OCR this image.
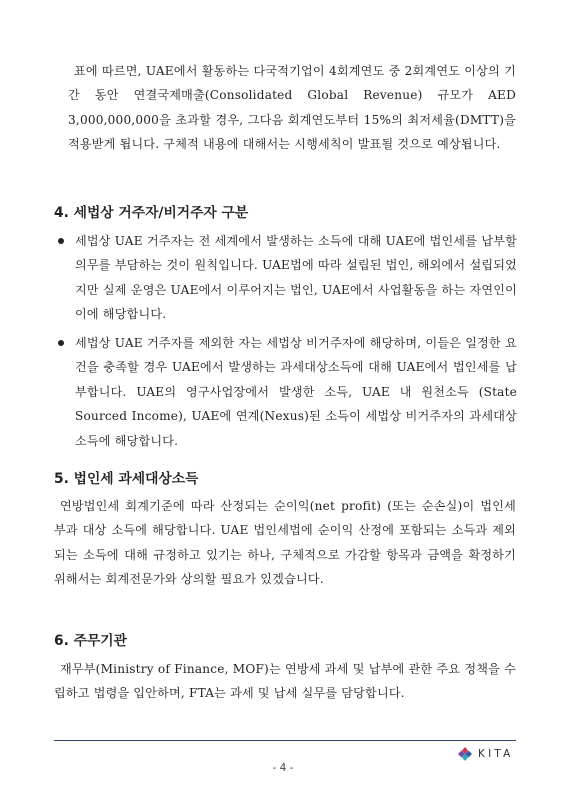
표에 따르면, UAE에서 활동하는 다국적기업이 4회계연도 중 2회계연도 이상의 기간 동안 연결국제매출(Consolidated Global Revenue) 규모가 AED 3,000,000,000을 초과할 경우, 그다음 회계연도부터 15%의 최저세율(DMTT)을 적용받게 됩니다. 구체적 내용에 대해서는 시행세칙이 발표될 것으로 예상됩니다.

4. 세법상 거주자/비거주자 구분

세법상 UAE 거주자는 전 세계에서 발생하는 소득에 대해 UAE에 법인세를 납부할 의무를 부담하는 것이 원칙입니다. UAE법에 따라 설립된 법인, 해외에서 설립되었지만 실제 운영은 UAE에서 이루어지는 법인, UAE에서 사업활동을 하는 자연인이 이에 해당합니다.

세법상 UAE 거주자를 제외한 자는 세법상 비거주자에 해당하며, 이들은 일정한 요건을 충족할 경우 UAE에서 발생하는 과세대상소득에 대해 UAE에서 법인세를 납부합니다. UAE의 영구사업장에서 발생한 소득, UAE 내 원천소득 (State Sourced Income), UAE에 연계(Nexus)된 소득이 세법상 비거주자의 과세대상소득에 해당합니다.

5. 법인세 과세대상소득

연방법인세 회계기준에 따라 산정되는 순이익(net profit) (또는 순손실)이 법인세 부과 대상 소득에 해당합니다. UAE 법인세법에 순이익 산정에 포함되는 소득과 제외되는 소득에 대해 규정하고 있기는 하나, 구체적으로 가감할 항목과 금액을 확정하기 위해서는 회계전문가와 상의할 필요가 있겠습니다.

6. 주무기관

재무부(Ministry of Finance, MOF)는 연방세 과세 및 납부에 관한 주요 정책을 수립하고 법령을 입안하며, FTA는 과세 및 납세 실무를 담당합니다.

KITA
- 4 -
